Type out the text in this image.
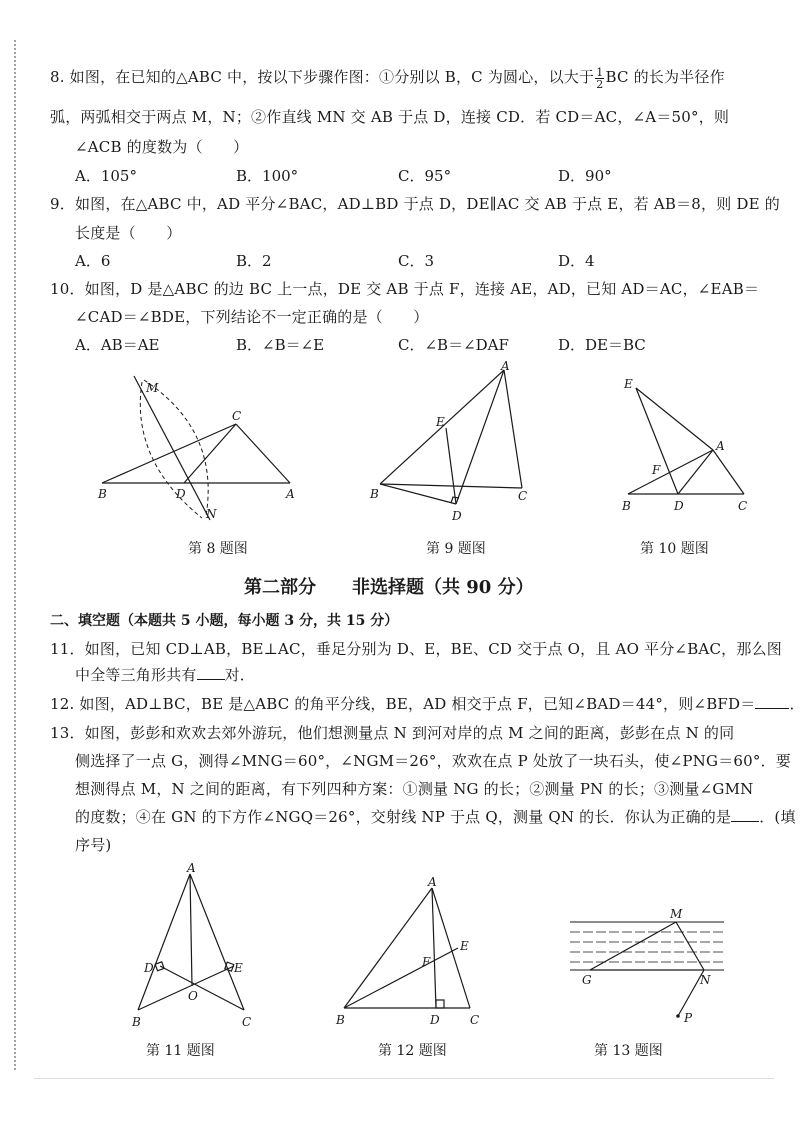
8. 如图，在已知的△ABC 中，按以下步骤作图：①分别以 B，C 为圆心，以大于 $\frac{1}{2}$ BC 的长为半径作
弧，两弧相交于两点 M，N；②作直线 MN 交 AB 于点 D，连接 CD．若 CD＝AC，∠A＝50°，则
∠ACB 的度数为（　　）
A．105°	B．100°	C．95°	D．90°
9．如图，在△ABC 中，AD 平分∠BAC，AD⊥BD 于点 D，DE∥AC 交 AB 于点 E，若 AB＝8，则 DE 的
长度是（　　）
A．6	B．2	C．3	D．4
10．如图，D 是△ABC 的边 BC 上一点，DE 交 AB 于点 F，连接 AE，AD，已知 AD＝AC，∠EAB＝
∠CAD＝∠BDE，下列结论不一定正确的是（　　）
A．AB＝AE	B．∠B＝∠E	C．∠B＝∠DAF	D．DE＝BC
M
C
B	D	A
N
第 8 题图
E
A
B
D
C
第 9 题图
E
A
F
B	D	C
第 10 题图
第二部分　　非选择题（共 90 分）
二、填空题（本题共 5 小题，每小题 3 分，共 15 分）
11．如图，已知 CD⊥AB，BE⊥AC，垂足分别为 D、E，BE、CD 交于点 O，且 AO 平分∠BAC，那么图
中全等三角形共有 对．
12. 如图，AD⊥BC，BE 是△ABC 的角平分线，BE，AD 相交于点 F，已知∠BAD＝44°，则∠BFD＝ ．
13．如图，彭彭和欢欢去郊外游玩，他们想测量点 N 到河对岸的点 M 之间的距离，彭彭在点 N 的同
侧选择了一点 G，测得∠MNG＝60°，∠NGM＝26°，欢欢在点 P 处放了一块石头，使∠PNG＝60°．要
想测得点 M，N 之间的距离，有下列四种方案：①测量 NG 的长；②测量 PN 的长；③测量∠GMN
的度数；④在 GN 的下方作∠NGQ＝26°，交射线 NP 于点 Q，测量 QN 的长．你认为正确的是 ．(填
序号)
A
D	E
O
B	C
第 11 题图
A
E
F
B	D	C
第 12 题图
M
G	N
P
第 13 题图
